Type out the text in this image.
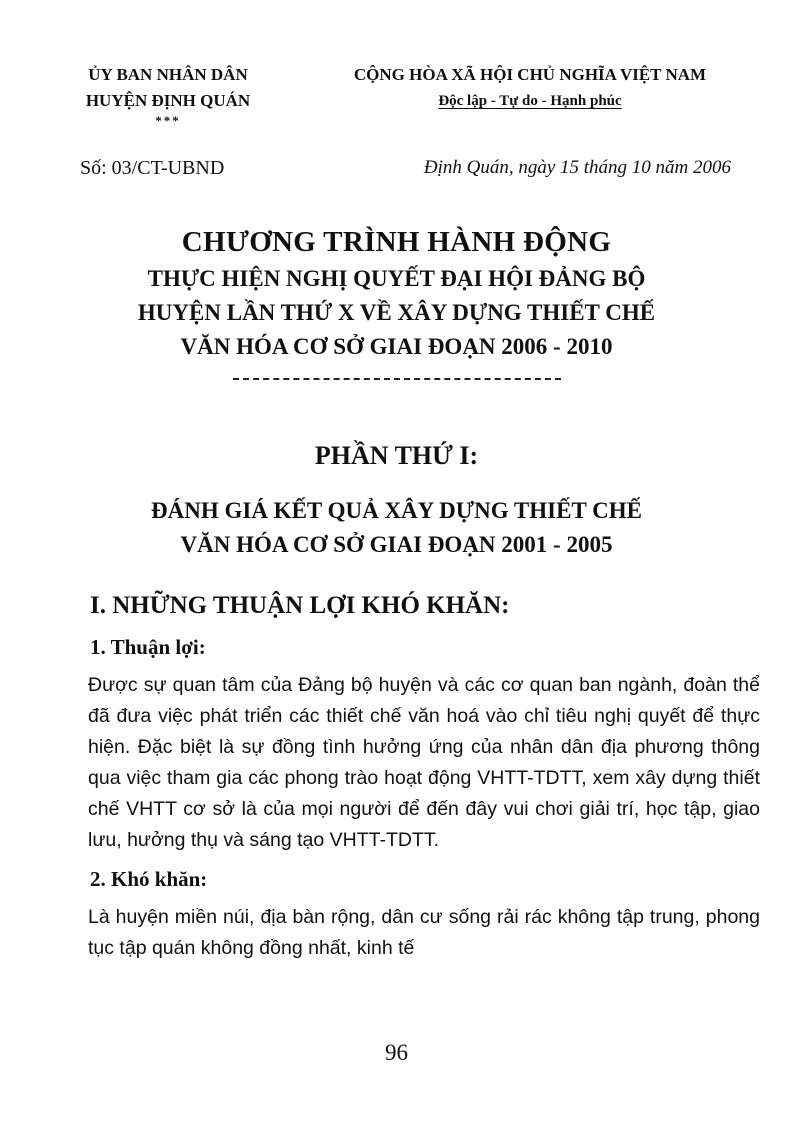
ỦY BAN NHÂN DÂN
HUYỆN ĐỊNH QUÁN
***
CỘNG HÒA XÃ HỘI CHỦ NGHĨA VIỆT NAM
Độc lập - Tự do - Hạnh phúc
Số: 03/CT-UBND	Định Quán, ngày 15 tháng 10 năm 2006
CHƯƠNG TRÌNH HÀNH ĐỘNG
THỰC HIỆN NGHỊ QUYẾT ĐẠI HỘI ĐẢNG BỘ
HUYỆN LẦN THỨ X VỀ XÂY DỰNG THIẾT CHẾ
VĂN HÓA CƠ SỞ GIAI ĐOẠN 2006 - 2010
PHẦN THỨ I:
ĐÁNH GIÁ KẾT QUẢ XÂY DỰNG THIẾT CHẾ
VĂN HÓA CƠ SỞ GIAI ĐOẠN 2001 - 2005
I. NHỮNG THUẬN LỢI KHÓ KHĂN:
1. Thuận lợi:

Được sự quan tâm của Đảng bộ huyện và các cơ quan ban ngành, đoàn thể đã đưa việc phát triển các thiết chế văn hoá vào chỉ tiêu nghị quyết để thực hiện. Đặc biệt là sự đồng tình hưởng ứng của nhân dân địa phương thông qua việc tham gia các phong trào hoạt động VHTT-TDTT, xem xây dựng thiết chế VHTT cơ sở là của mọi người để đến đây vui chơi giải trí, học tập, giao lưu, hưởng thụ và sáng tạo VHTT-TDTT.

2. Khó khăn:

Là huyện miền núi, địa bàn rộng, dân cư sống rải rác không tập trung, phong tục tập quán không đồng nhất, kinh tế

96
